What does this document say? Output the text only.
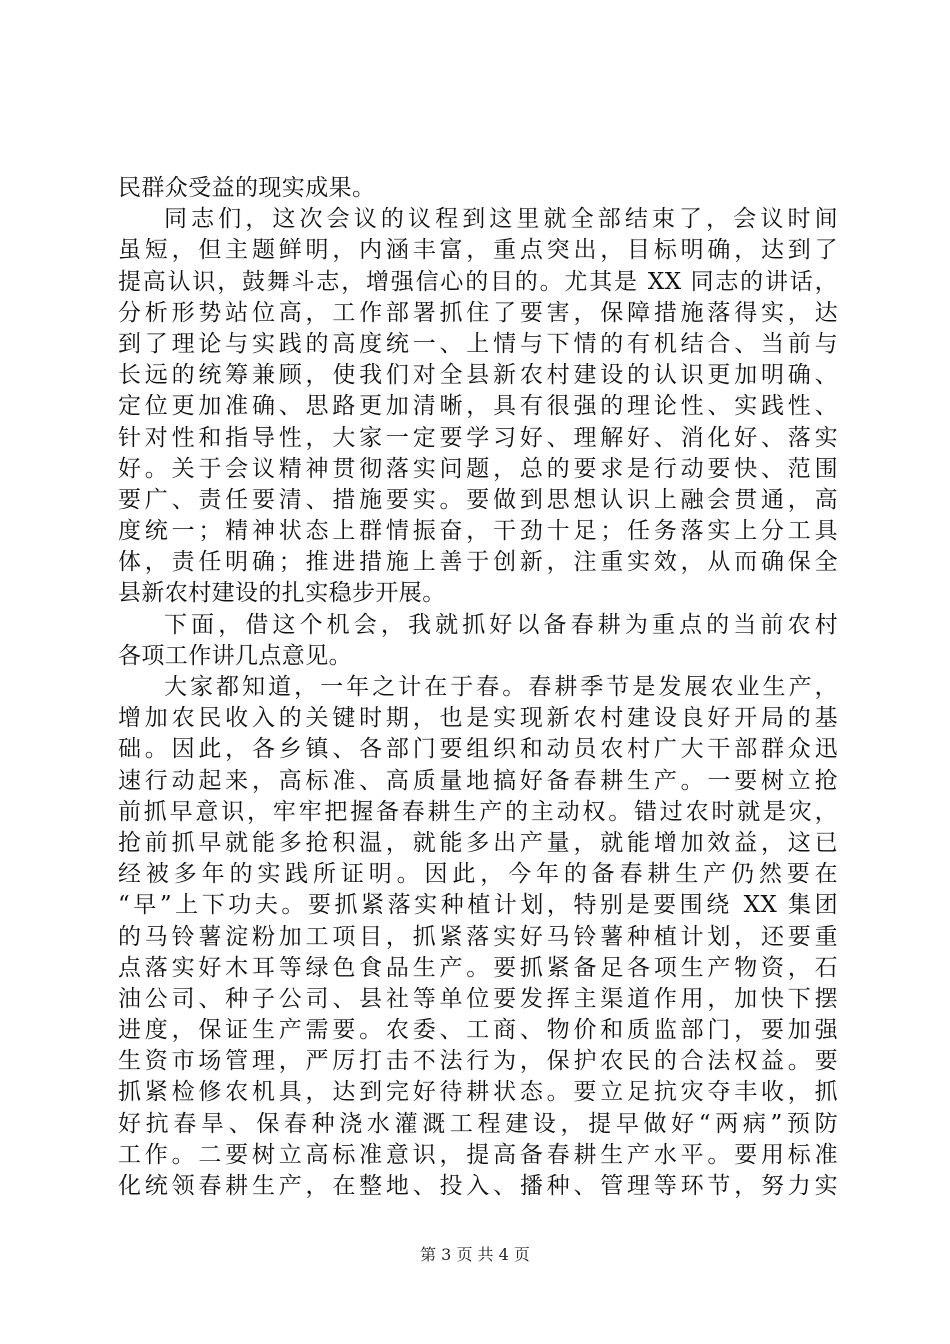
民群众受益的现实成果。
同志们，这次会议的议程到这里就全部结束了，会议时间
虽短，但主题鲜明，内涵丰富，重点突出，目标明确，达到了
提高认识，鼓舞斗志，增强信心的目的。尤其是 XX 同志的讲话，
分析形势站位高，工作部署抓住了要害，保障措施落得实，达
到了理论与实践的高度统一、上情与下情的有机结合、当前与
长远的统筹兼顾，使我们对全县新农村建设的认识更加明确、
定位更加准确、思路更加清晰，具有很强的理论性、实践性、
针对性和指导性，大家一定要学习好、理解好、消化好、落实
好。关于会议精神贯彻落实问题，总的要求是行动要快、范围
要广、责任要清、措施要实。要做到思想认识上融会贯通，高
度统一；精神状态上群情振奋，干劲十足；任务落实上分工具
体，责任明确；推进措施上善于创新，注重实效，从而确保全
县新农村建设的扎实稳步开展。
下面，借这个机会，我就抓好以备春耕为重点的当前农村
各项工作讲几点意见。
大家都知道，一年之计在于春。春耕季节是发展农业生产，
增加农民收入的关键时期，也是实现新农村建设良好开局的基
础。因此，各乡镇、各部门要组织和动员农村广大干部群众迅
速行动起来，高标准、高质量地搞好备春耕生产。一要树立抢
前抓早意识，牢牢把握备春耕生产的主动权。错过农时就是灾，
抢前抓早就能多抢积温，就能多出产量，就能增加效益，这已
经被多年的实践所证明。因此，今年的备春耕生产仍然要在
“早”上下功夫。要抓紧落实种植计划，特别是要围绕 XX 集团
的马铃薯淀粉加工项目，抓紧落实好马铃薯种植计划，还要重
点落实好木耳等绿色食品生产。要抓紧备足各项生产物资，石
油公司、种子公司、县社等单位要发挥主渠道作用，加快下摆
进度，保证生产需要。农委、工商、物价和质监部门，要加强
生资市场管理，严厉打击不法行为，保护农民的合法权益。要
抓紧检修农机具，达到完好待耕状态。要立足抗灾夺丰收，抓
好抗春旱、保春种浇水灌溉工程建设，提早做好“两病”预防
工作。二要树立高标准意识，提高备春耕生产水平。要用标准
化统领春耕生产，在整地、投入、播种、管理等环节，努力实
第 3 页 共 4 页
